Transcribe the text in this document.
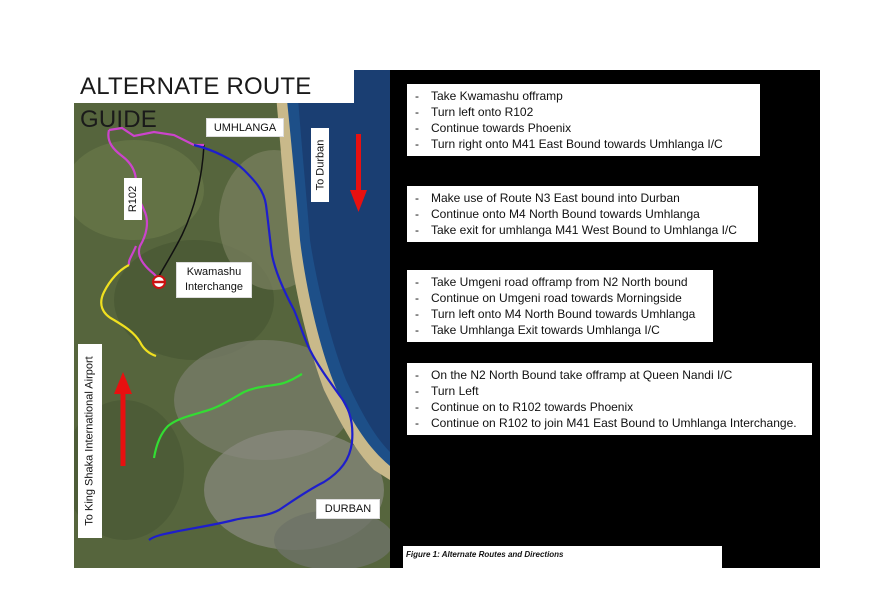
ALTERNATE ROUTE GUIDE	UMHLANGA
To Durban
R102
Kwamashu Interchange
To King Shaka International Airport	DURBAN
- Take Kwamashu offramp
- Turn left onto R102
- Continue towards Phoenix
- Turn right onto M41 East Bound towards Umhlanga I/C
- Make use of Route N3 East bound into Durban
- Continue onto M4 North Bound towards Umhlanga
- Take exit for umhlanga M41 West Bound to Umhlanga I/C
- Take Umgeni road offramp from N2 North bound
- Continue on Umgeni road towards Morningside
- Turn left onto M4 North Bound towards Umhlanga
- Take Umhlanga Exit towards Umhlanga I/C
- On the N2 North Bound take offramp at Queen Nandi I/C
- Turn Left
- Continue on to R102 towards Phoenix
- Continue on R102 to join M41 East Bound to Umhlanga Interchange.
Figure 1: Alternate Routes and Directions
